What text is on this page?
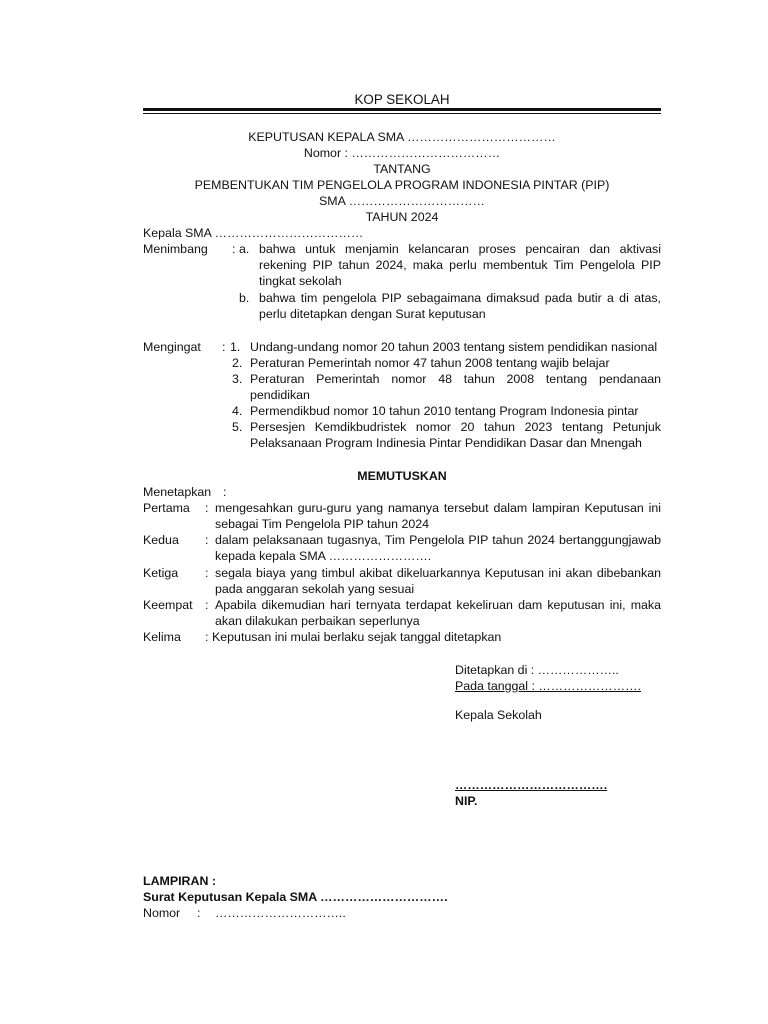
KOP SEKOLAH
KEPUTUSAN KEPALA SMA ………………………………
Nomor : ………………………………
TANTANG
PEMBENTUKAN TIM PENGELOLA PROGRAM INDONESIA PINTAR (PIP)
SMA ……………………………
TAHUN 2024
Kepala SMA ………………………………
Menimbang : a. bahwa untuk menjamin kelancaran proses pencairan dan aktivasi rekening PIP tahun 2024, maka perlu membentuk Tim Pengelola PIP tingkat sekolah
b. bahwa tim pengelola PIP sebagaimana dimaksud pada butir a di atas, perlu ditetapkan dengan Surat keputusan
Mengingat : 1. Undang-undang nomor 20 tahun 2003 tentang sistem pendidikan nasional
2. Peraturan Pemerintah nomor 47 tahun 2008 tentang wajib belajar
3. Peraturan Pemerintah nomor 48 tahun 2008 tentang pendanaan pendidikan
4. Permendikbud nomor 10 tahun 2010 tentang Program Indonesia pintar
5. Persesjen Kemdikbudristek nomor 20 tahun 2023 tentang Petunjuk Pelaksanaan Program Indinesia Pintar Pendidikan Dasar dan Mnengah
MEMUTUSKAN
Menetapkan :
Pertama : mengesahkan guru-guru yang namanya tersebut dalam lampiran Keputusan ini sebagai Tim Pengelola PIP tahun 2024
Kedua : dalam pelaksanaan tugasnya, Tim Pengelola PIP tahun 2024 bertanggungjawab kepada kepala SMA …………………….
Ketiga : segala biaya yang timbul akibat dikeluarkannya Keputusan ini akan dibebankan pada anggaran sekolah yang sesuai
Keempat : Apabila dikemudian hari ternyata terdapat kekeliruan dam keputusan ini, maka akan dilakukan perbaikan seperlunya
Kelima : Keputusan ini mulai berlaku sejak tanggal ditetapkan
Ditetapkan di : ………………..
Pada tanggal : …………………….
Kepala Sekolah
……………………………….
NIP.
LAMPIRAN :
Surat Keputusan Kepala SMA ………………………….
Nomor : …………………………..
